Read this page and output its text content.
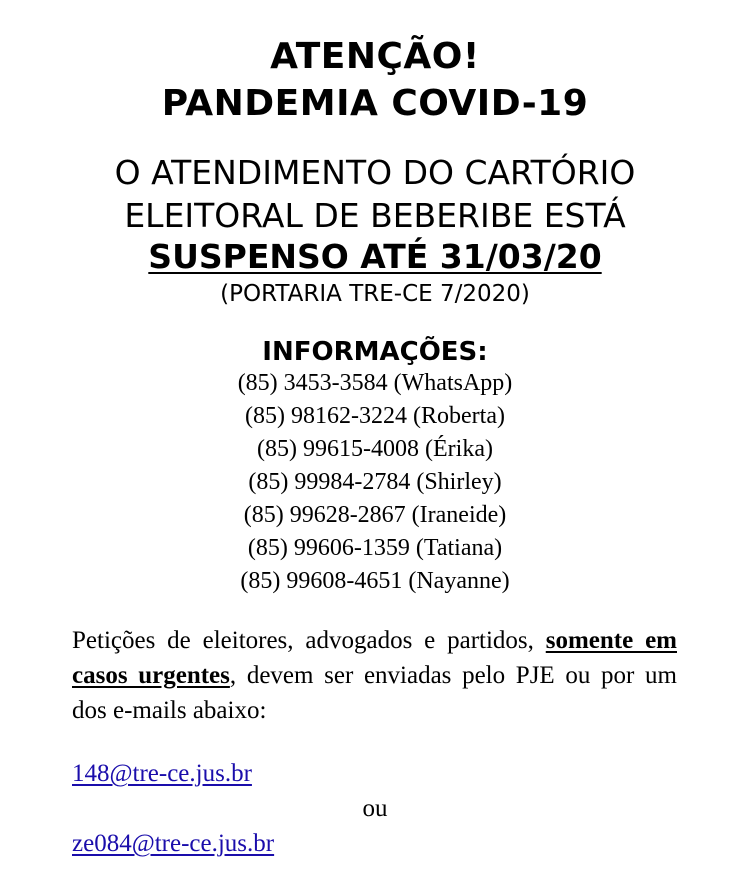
ATENÇÃO!
PANDEMIA COVID-19
O ATENDIMENTO DO CARTÓRIO
ELEITORAL DE BEBERIBE ESTÁ
SUSPENSO ATÉ 31/03/20
(PORTARIA TRE-CE 7/2020)
INFORMAÇÕES:
(85) 3453-3584 (WhatsApp)
(85) 98162-3224 (Roberta)
(85) 99615-4008 (Érika)
(85) 99984-2784 (Shirley)
(85) 99628-2867 (Iraneide)
(85) 99606-1359 (Tatiana)
(85) 99608-4651 (Nayanne)

Petições de eleitores, advogados e partidos, somente em casos urgentes, devem ser enviadas pelo PJE ou por um dos e-mails abaixo:

148@tre-ce.jus.br
ou
ze084@tre-ce.jus.br
